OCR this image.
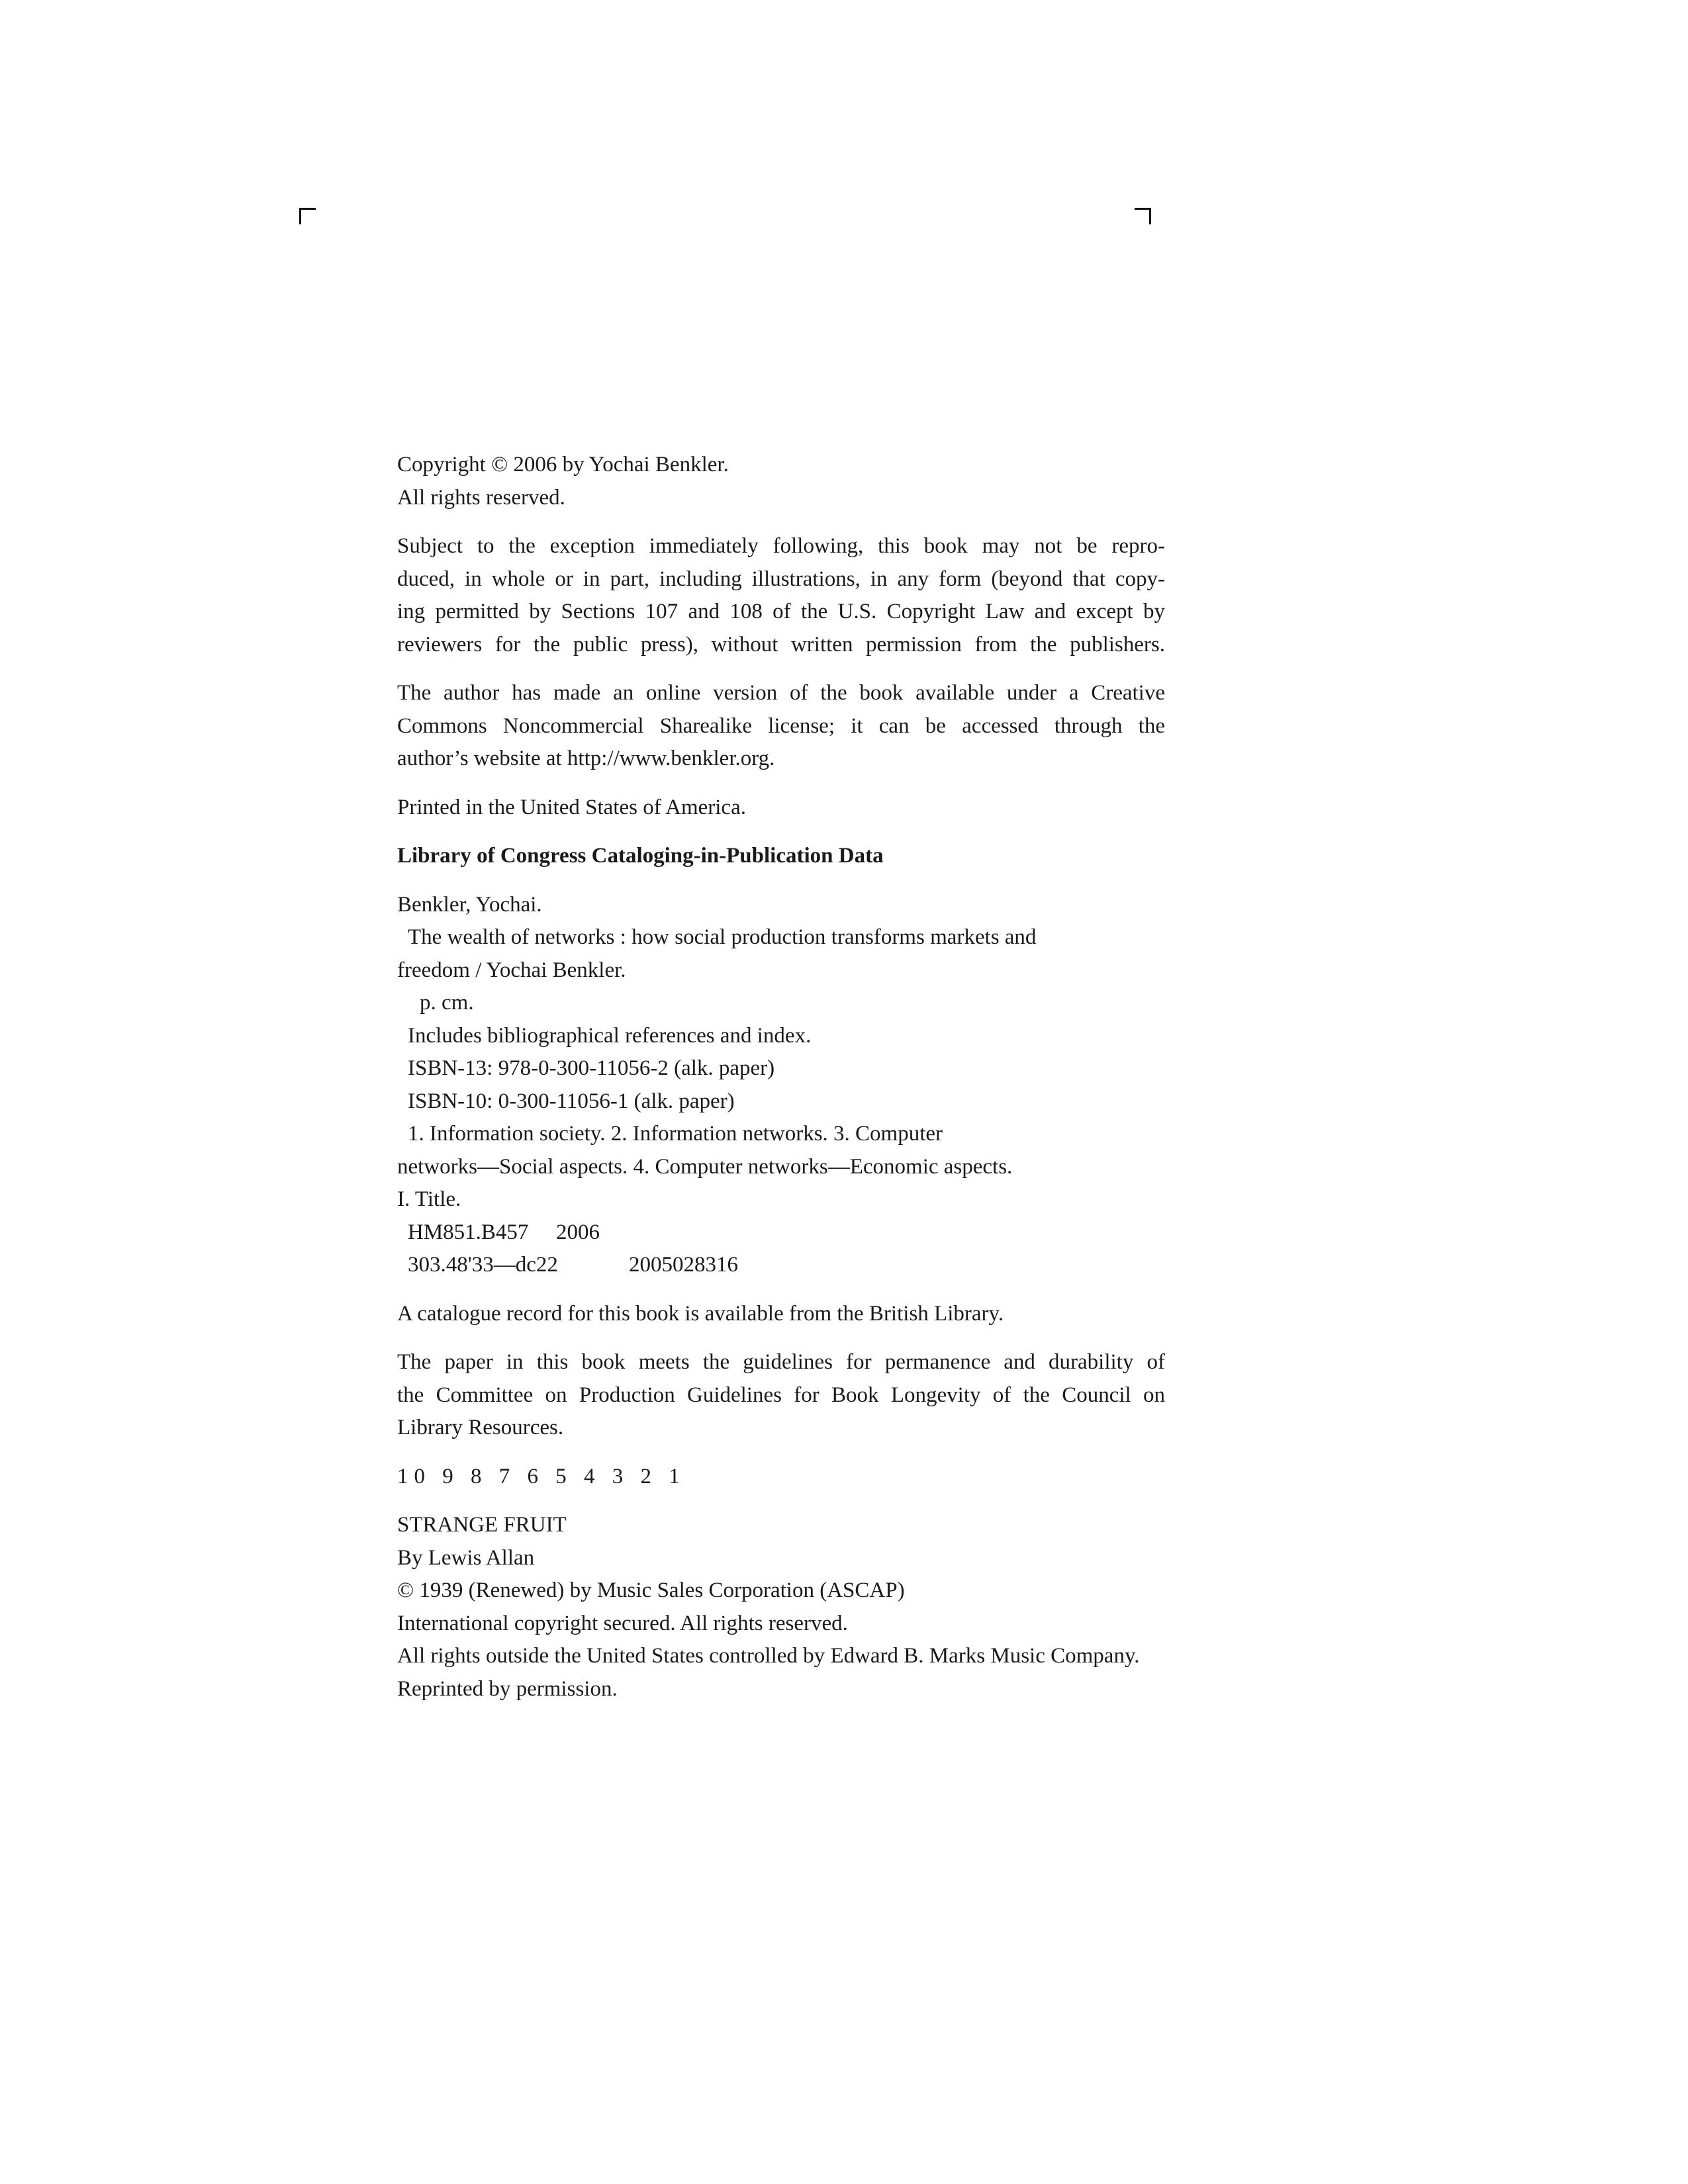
Copyright © 2006 by Yochai Benkler.
All rights reserved.
Subject to the exception immediately following, this book may not be repro-
duced, in whole or in part, including illustrations, in any form (beyond that copy-
ing permitted by Sections 107 and 108 of the U.S. Copyright Law and except by
reviewers for the public press), without written permission from the publishers.
The author has made an online version of the book available under a Creative
Commons Noncommercial Sharealike license; it can be accessed through the
author’s website at http://www.benkler.org.
Printed in the United States of America.
Library of Congress Cataloging-in-Publication Data
Benkler, Yochai.
The wealth of networks : how social production transforms markets and
freedom / Yochai Benkler.
p. cm.
Includes bibliographical references and index.
ISBN-13: 978-0-300-11056-2 (alk. paper)
ISBN-10: 0-300-11056-1 (alk. paper)
1. Information society. 2. Information networks. 3. Computer
networks—Social aspects. 4. Computer networks—Economic aspects.
I. Title.
HM851.B457 2006
303.48'33—dc22	2005028316
A catalogue record for this book is available from the British Library.
The paper in this book meets the guidelines for permanence and durability of
the Committee on Production Guidelines for Book Longevity of the Council on
Library Resources.
10 9 8 7 6 5 4 3 2 1
STRANGE FRUIT
By Lewis Allan
© 1939 (Renewed) by Music Sales Corporation (ASCAP)
International copyright secured. All rights reserved.
All rights outside the United States controlled by Edward B. Marks Music Company.
Reprinted by permission.
